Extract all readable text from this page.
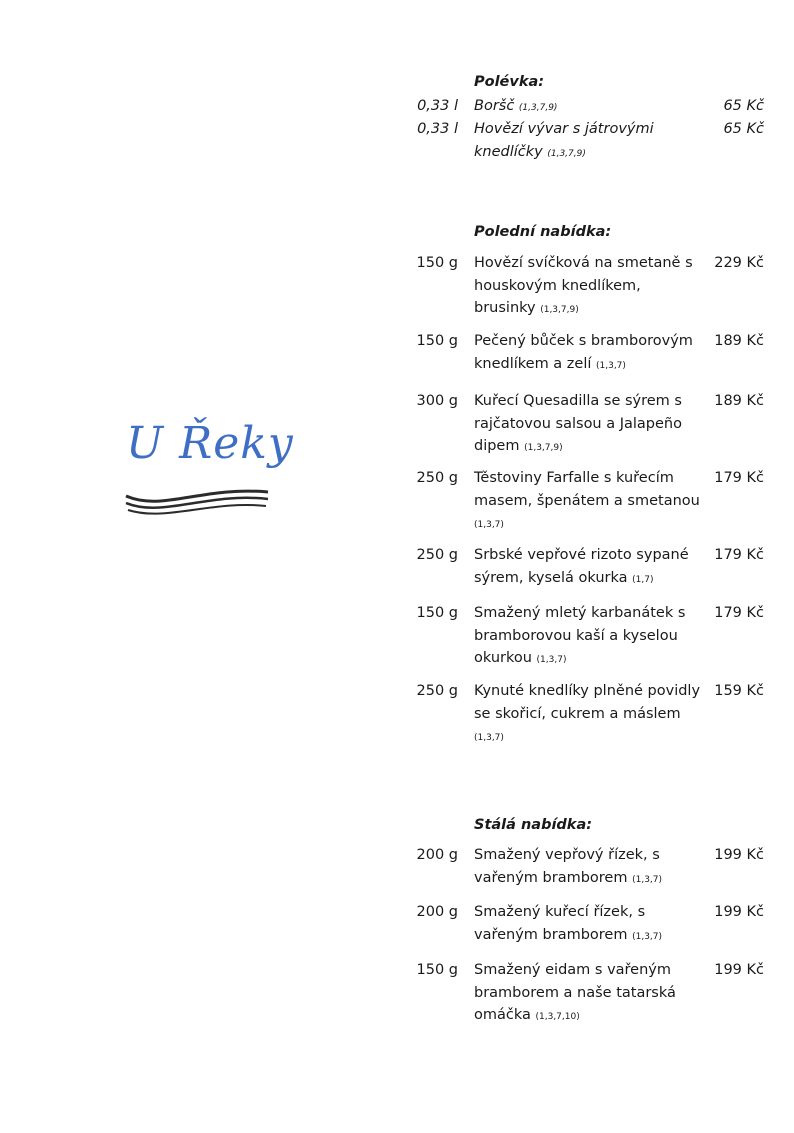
U Řeky
Polévka:
0,33 l Boršč (1,3,7,9)	65 Kč
0,33 l Hovězí vývar s játrovými knedlíčky (1,3,7,9)
65 Kč
Polední nabídka:
150 g Hovězí svíčková na smetaně s houskovým knedlíkem, brusinky (1,3,7,9)
229 Kč
150 g Pečený bůček s bramborovým knedlíkem a zelí (1,3,7)
189 Kč
300 g Kuřecí Quesadilla se sýrem s rajčatovou salsou a Jalapeño dipem (1,3,7,9)
189 Kč
250 g Těstoviny Farfalle s kuřecím masem, špenátem a smetanou (1,3,7)
179 Kč
250 g Srbské vepřové rizoto sypané sýrem, kyselá okurka (1,7)
179 Kč
150 g Smažený mletý karbanátek s bramborovou kaší a kyselou okurkou (1,3,7)
179 Kč
250 g Kynuté knedlíky plněné povidly se skořicí, cukrem a máslem (1,3,7)
159 Kč
Stálá nabídka:
200 g Smažený vepřový řízek, s vařeným bramborem (1,3,7)
199 Kč
200 g Smažený kuřecí řízek, s vařeným bramborem (1,3,7)
199 Kč
150 g Smažený eidam s vařeným bramborem a naše tatarská omáčka (1,3,7,10)
199 Kč
